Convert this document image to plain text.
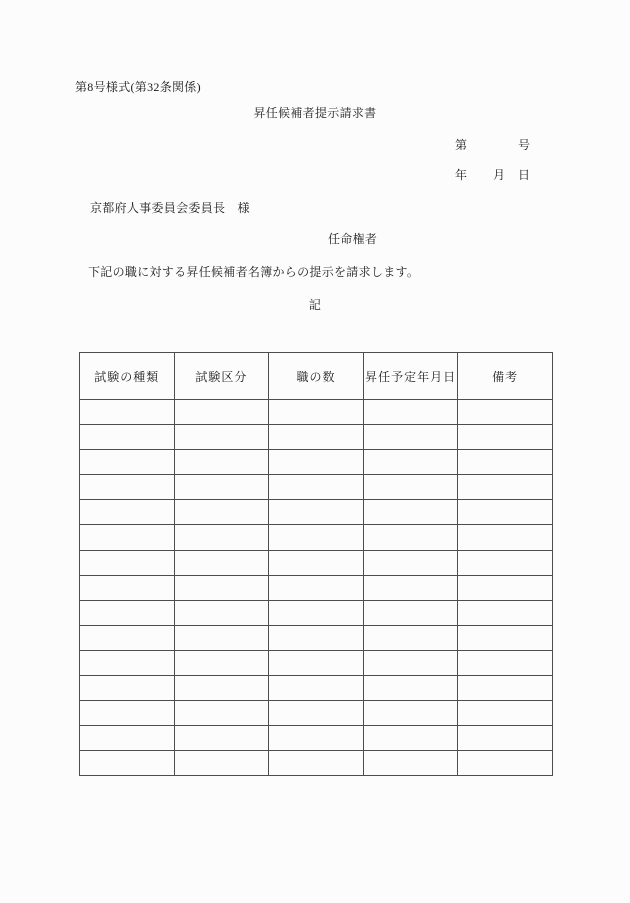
第8号様式(第32条関係)
昇任候補者提示請求書

第

	号

年

月

日

京都府人事委員会委員長　様
任命権者
下記の職に対する昇任候補者名簿からの提示を請求します。
記
試験の種類	試験区分	職の数	昇任予定年月日	備考
